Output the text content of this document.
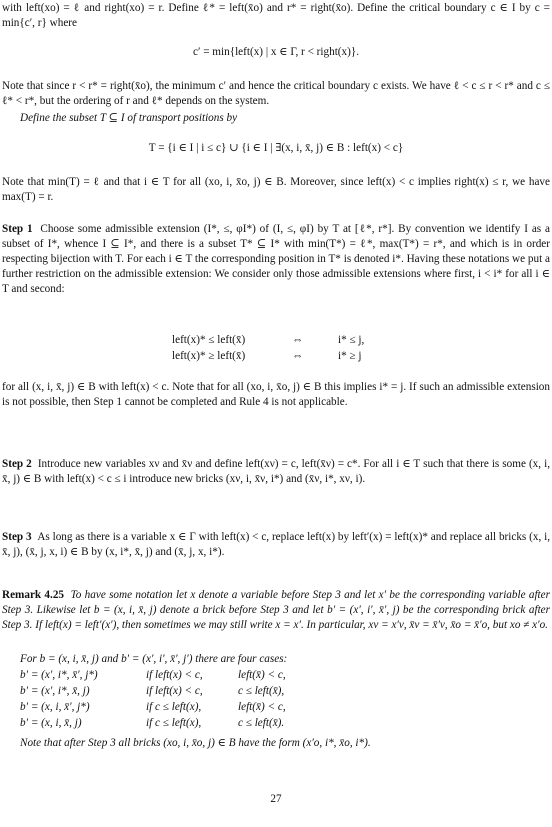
with left(xo) = ℓ and right(xo) = r. Define ℓ* = left(x̄o) and r* = right(x̄o). Define the critical boundary c ∈ I by c = min{c′, r} where

c′ = min{left(x) | x ∈ Γ, r < right(x)}.

Note that since r < r* = right(x̄o), the minimum c′ and hence the critical boundary c exists. We have ℓ < c ≤ r < r* and c ≤ ℓ* < r*, but the ordering of r and ℓ* depends on the system.

Define the subset T ⊆ I of transport positions by

T = {i ∈ I | i ≤ c} ∪ {i ∈ I | ∃(x, i, x̄, j) ∈ B : left(x) < c}

Note that min(T) = ℓ and that i ∈ T for all (xo, i, x̄o, j) ∈ B. Moreover, since left(x) < c implies right(x) ≤ r, we have max(T) = r.

Step 1 Choose some admissible extension (I*, ≤, φI*) of (I, ≤, φI) by T at [ℓ*, r*]. By convention we identify I as a subset of I*, whence I ⊆ I*, and there is a subset T* ⊆ I* with min(T*) = ℓ*, max(T*) = r*, and which is in order respecting bijection with T. For each i ∈ T the corresponding position in T* is denoted i*. Having these notations we put a further restriction on the admissible extension: We consider only those admissible extensions where first, i < i* for all i ∈ T and second:

left(x)* ≤ left(x̄)	⇔	i* ≤ j,
left(x)* ≥ left(x̄)	⇔	i* ≥ j

for all (x, i, x̄, j) ∈ B with left(x) < c. Note that for all (xo, i, x̄o, j) ∈ B this implies i* = j. If such an admissible extension is not possible, then Step 1 cannot be completed and Rule 4 is not applicable.

Step 2 Introduce new variables xν and x̄ν and define left(xν) = c, left(x̄ν) = c*. For all i ∈ T such that there is some (x, i, x̄, j) ∈ B with left(x) < c ≤ i introduce new bricks (xν, i, x̄ν, i*) and (x̄ν, i*, xν, i).

Step 3 As long as there is a variable x ∈ Γ with left(x) < c, replace left(x) by left′(x) = left(x)* and replace all bricks (x, i, x̄, j), (x̄, j, x, i) ∈ B by (x, i*, x̄, j) and (x̄, j, x, i*).

Remark 4.25 To have some notation let x denote a variable before Step 3 and let x′ be the corresponding variable after Step 3. Likewise let b = (x, i, x̄, j) denote a brick before Step 3 and let b′ = (x′, i′, x̄′, j) be the corresponding brick after Step 3. If left(x) = left′(x′), then sometimes we may still write x = x′. In particular, xν = x′ν, x̄ν = x̄′ν, x̄o = x̄′o, but xo ≠ x′o.

For b = (x, i, x̄, j) and b′ = (x′, i′, x̄′, j′) there are four cases:

b′ = (x′, i*, x̄′, j*)	if left(x) < c,	left(x̄) < c,
b′ = (x′, i*, x̄, j)	if left(x) < c,	c ≤ left(x̄),
b′ = (x, i, x̄′, j*)	if c ≤ left(x),	left(x̄) < c,
b′ = (x, i, x̄, j)	if c ≤ left(x),	c ≤ left(x̄).

Note that after Step 3 all bricks (xo, i, x̄o, j) ∈ B have the form (x′o, i*, x̄o, i*).

27
